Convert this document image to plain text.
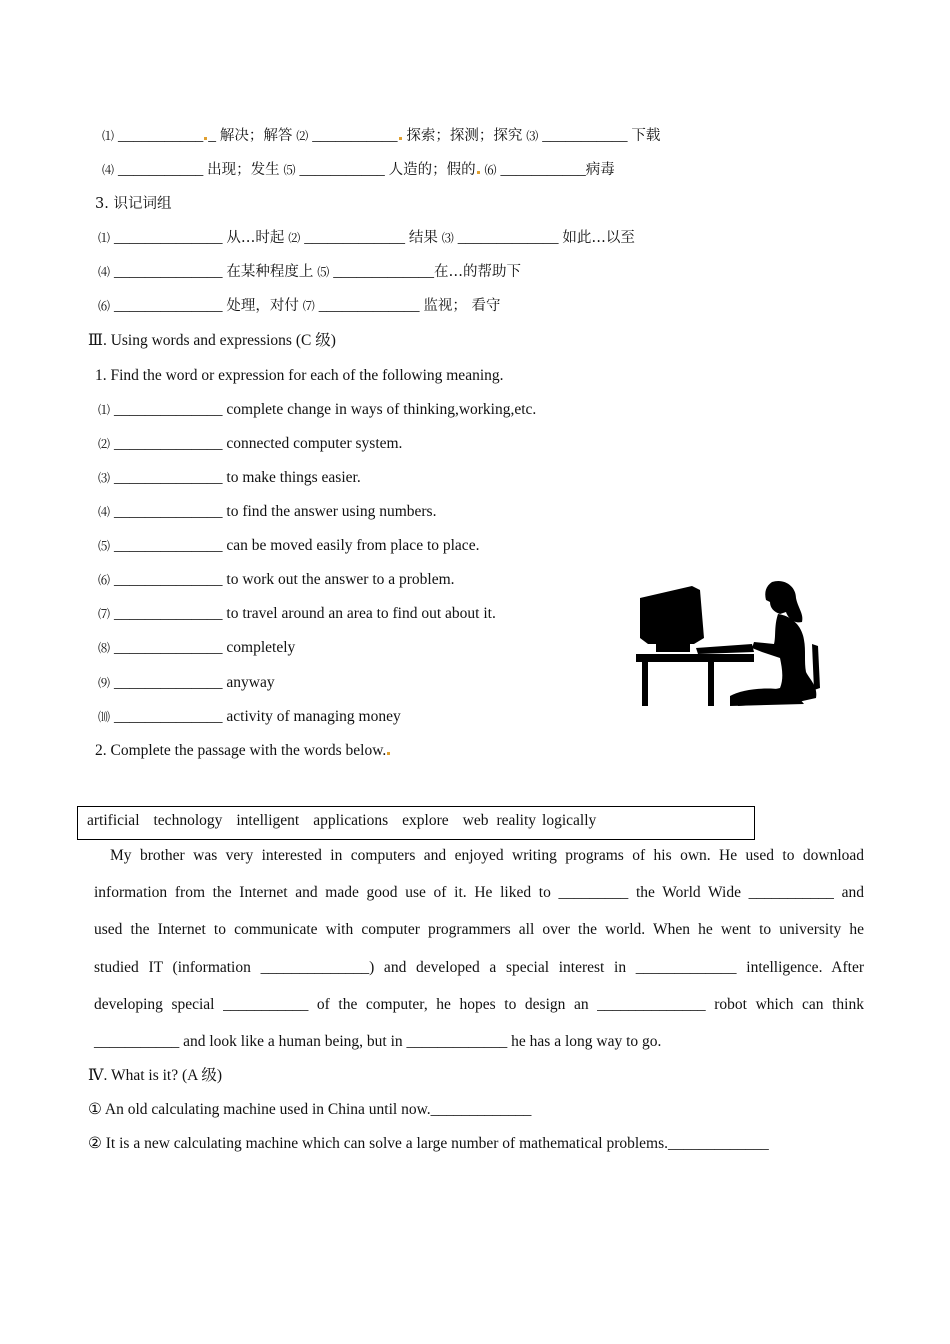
⑴ ___________ _ 解决；解答 ⑵ ___________ 探索；探测；探究 ⑶ ___________ 下载
⑷ ___________ 出现；发生 ⑸ ___________ 人造的；假的 ⑹ ___________病毒
3. 识记词组
⑴ ______________ 从…时起 ⑵ _____________ 结果 ⑶ _____________ 如此…以至
⑷ ______________ 在某种程度上 ⑸ _____________在…的帮助下
⑹ ______________ 处理，对付 ⑺ _____________ 监视； 看守
Ⅲ. Using words and expressions (C 级)
1. Find the word or expression for each of the following meaning.
⑴ ______________ complete change in ways of thinking,working,etc.
⑵ ______________ connected computer system.
⑶ ______________ to make things easier.
⑷ ______________ to find the answer using numbers.
⑸ ______________ can be moved easily from place to place.
⑹ ______________ to work out the answer to a problem.
⑺ ______________ to travel around an area to find out about it.
⑻ ______________ completely
⑼ ______________ anyway
⑽ ______________ activity of managing money
2. Complete the passage with the words below.
artificial technology intelligent applications explore web reality logically
My brother was very interested in computers and enjoyed writing programs of his own. He used to download
information from the Internet and made good use of it. He liked to _________ the World Wide ___________ and
used the Internet to communicate with computer programmers all over the world. When he went to university he
studied IT (information ______________) and developed a special interest in _____________ intelligence. After
developing special ___________ of the computer, he hopes to design an ______________ robot which can think
___________ and look like a human being, but in _____________ he has a long way to go.
Ⅳ. What is it? (A 级)
① An old calculating machine used in China until now._____________
② It is a new calculating machine which can solve a large number of mathematical problems._____________
